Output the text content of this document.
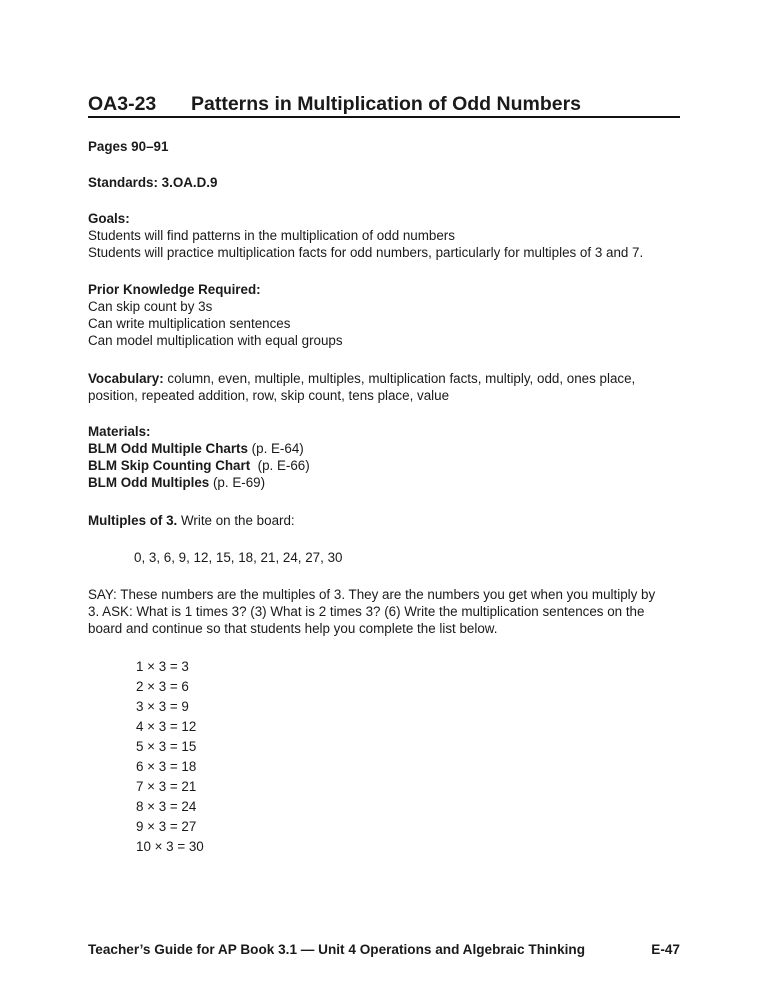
OA3-23 Patterns in Multiplication of Odd Numbers
Pages 90–91
Standards: 3.OA.D.9
Goals:
Students will find patterns in the multiplication of odd numbers
Students will practice multiplication facts for odd numbers, particularly for multiples of 3 and 7.
Prior Knowledge Required:
Can skip count by 3s
Can write multiplication sentences
Can model multiplication with equal groups
Vocabulary: column, even, multiple, multiples, multiplication facts, multiply, odd, ones place,
position, repeated addition, row, skip count, tens place, value
Materials:
BLM Odd Multiple Charts (p. E-64)
BLM Skip Counting Chart  (p. E-66)
BLM Odd Multiples (p. E-69)
Multiples of 3. Write on the board:
0, 3, 6, 9, 12, 15, 18, 21, 24, 27, 30
SAY: These numbers are the multiples of 3. They are the numbers you get when you multiply by
3. ASK: What is 1 times 3? (3) What is 2 times 3? (6) Write the multiplication sentences on the
board and continue so that students help you complete the list below.
1 × 3 = 3
2 × 3 = 6
3 × 3 = 9
4 × 3 = 12
5 × 3 = 15
6 × 3 = 18
7 × 3 = 21
8 × 3 = 24
9 × 3 = 27
10 × 3 = 30
Teacher’s Guide for AP Book 3.1 — Unit 4 Operations and Algebraic Thinking	E-47
